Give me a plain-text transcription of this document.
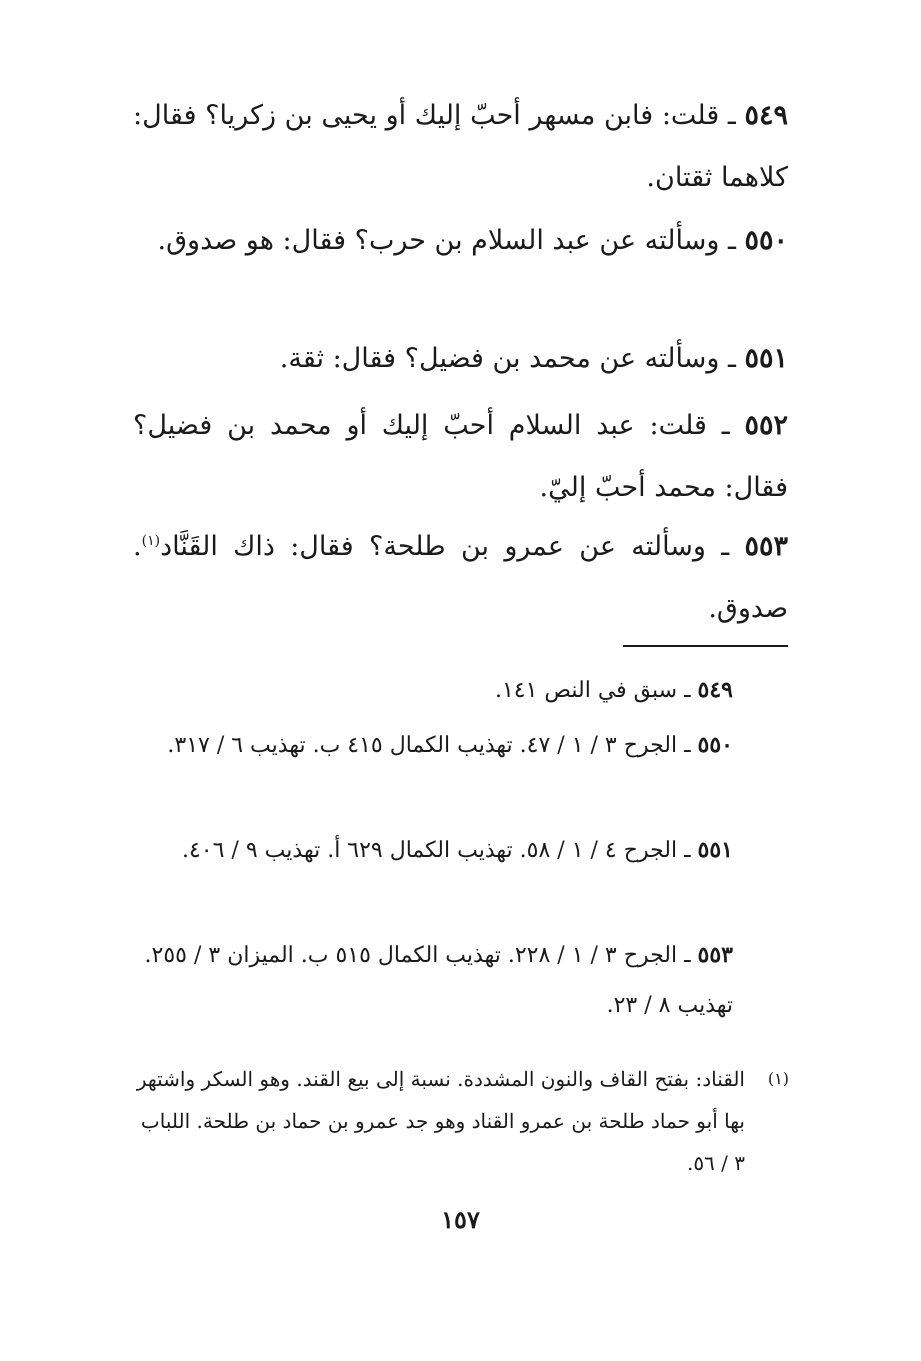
٥٤٩ ـ قلت: فابن مسهر أحبّ إليك أو يحيى بن زكريا؟ فقال: كلاهما ثقتان.
٥٥٠ ـ وسألته عن عبد السلام بن حرب؟ فقال: هو صدوق.
٥٥١ ـ وسألته عن محمد بن فضيل؟ فقال: ثقة.
٥٥٢ ـ قلت: عبد السلام أحبّ إليك أو محمد بن فضيل؟ فقال: محمد أحبّ إليّ.
٥٥٣ ـ وسألته عن عمرو بن طلحة؟ فقال: ذاك القَنَّاد$^{(١)}$. صدوق.
٥٤٩ ـ سبق في النص ١٤١.
٥٥٠ ـ الجرح ٣ / ١ / ٤٧. تهذيب الكمال ٤١٥ ب. تهذيب ٦ / ٣١٧.
٥٥١ ـ الجرح ٤ / ١ / ٥٨. تهذيب الكمال ٦٢٩ أ. تهذيب ٩ / ٤٠٦.
٥٥٣ ـ الجرح ٣ / ١ / ٢٢٨. تهذيب الكمال ٥١٥ ب. الميزان ٣ / ٢٥٥. تهذيب ٨ / ٢٣.
(١)
القناد: بفتح القاف والنون المشددة. نسبة إلى بيع القند. وهو السكر واشتهر بها أبو حماد طلحة بن عمرو القناد وهو جد عمرو بن حماد بن طلحة. اللباب ٣ / ٥٦.
١٥٧
